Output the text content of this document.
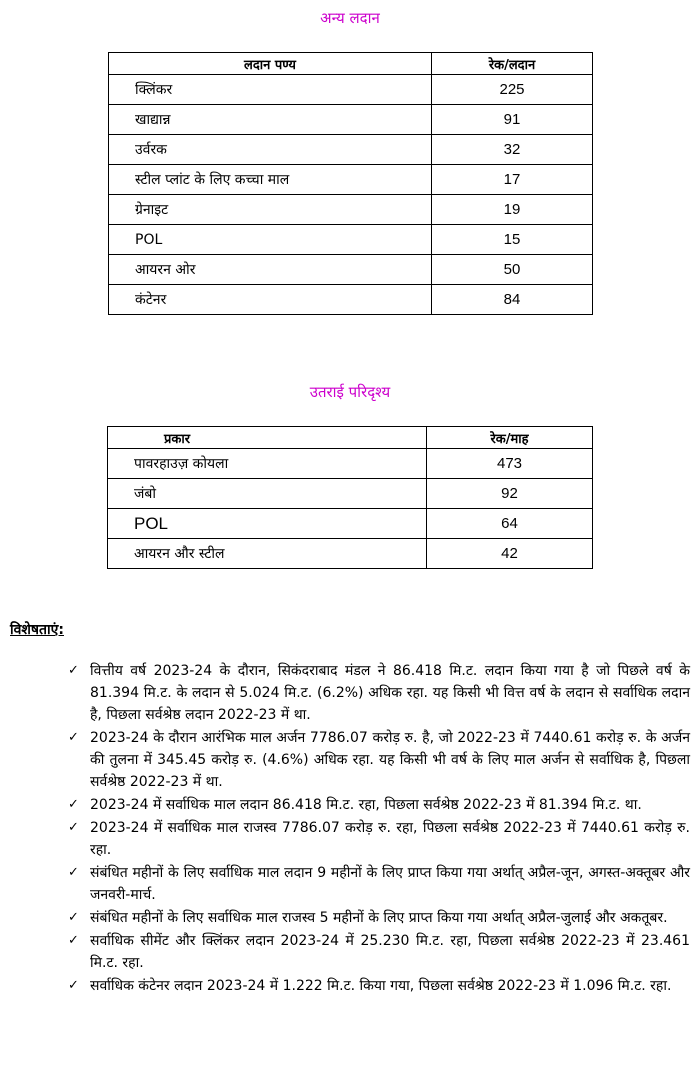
अन्य लदान
लदान पण्य	रेक/लदान
क्लिंकर	225
खाद्यान्न	91
उर्वरक	32
स्टील प्लांट के लिए कच्चा माल	17
ग्रेनाइट	19
POL	15
आयरन ओर	50
कंटेनर	84
उतराई परिदृश्य
प्रकार	रेक/माह
पावरहाउज़ कोयला	473
जंबो	92
POL	64
आयरन और स्टील	42
विशेषताएं:
✓ वित्तीय वर्ष 2023-24 के दौरान, सिकंदराबाद मंडल ने 86.418 मि.ट. लदान किया गया है जो पिछले वर्ष के 81.394 मि.ट. के लदान से 5.024 मि.ट. (6.2%) अधिक रहा. यह किसी भी वित्त वर्ष के लदान से सर्वाधिक लदान है, पिछला सर्वश्रेष्ठ लदान 2022-23 में था.
✓ 2023-24 के दौरान आरंभिक माल अर्जन 7786.07 करोड़ रु. है, जो 2022-23 में 7440.61 करोड़ रु. के अर्जन की तुलना में 345.45 करोड़ रु. (4.6%) अधिक रहा. यह किसी भी वर्ष के लिए माल अर्जन से सर्वाधिक है, पिछला सर्वश्रेष्ठ 2022-23 में था.
✓ 2023-24 में सर्वाधिक माल लदान 86.418 मि.ट. रहा, पिछला सर्वश्रेष्ठ 2022-23 में 81.394 मि.ट. था.
✓ 2023-24 में सर्वाधिक माल राजस्व 7786.07 करोड़ रु. रहा, पिछला सर्वश्रेष्ठ 2022-23 में 7440.61 करोड़ रु. रहा.
✓ संबंधित महीनों के लिए सर्वाधिक माल लदान 9 महीनों के लिए प्राप्त किया गया अर्थात् अप्रैल-जून, अगस्त-अक्तूबर और जनवरी-मार्च.
✓ संबंधित महीनों के लिए सर्वाधिक माल राजस्व 5 महीनों के लिए प्राप्त किया गया अर्थात् अप्रैल-जुलाई और अकतूबर.
✓ सर्वाधिक सीमेंट और क्लिंकर लदान 2023-24 में 25.230 मि.ट. रहा, पिछला सर्वश्रेष्ठ 2022-23 में 23.461 मि.ट. रहा.
✓ सर्वाधिक कंटेनर लदान 2023-24 में 1.222 मि.ट. किया गया, पिछला सर्वश्रेष्ठ 2022-23 में 1.096 मि.ट. रहा.
